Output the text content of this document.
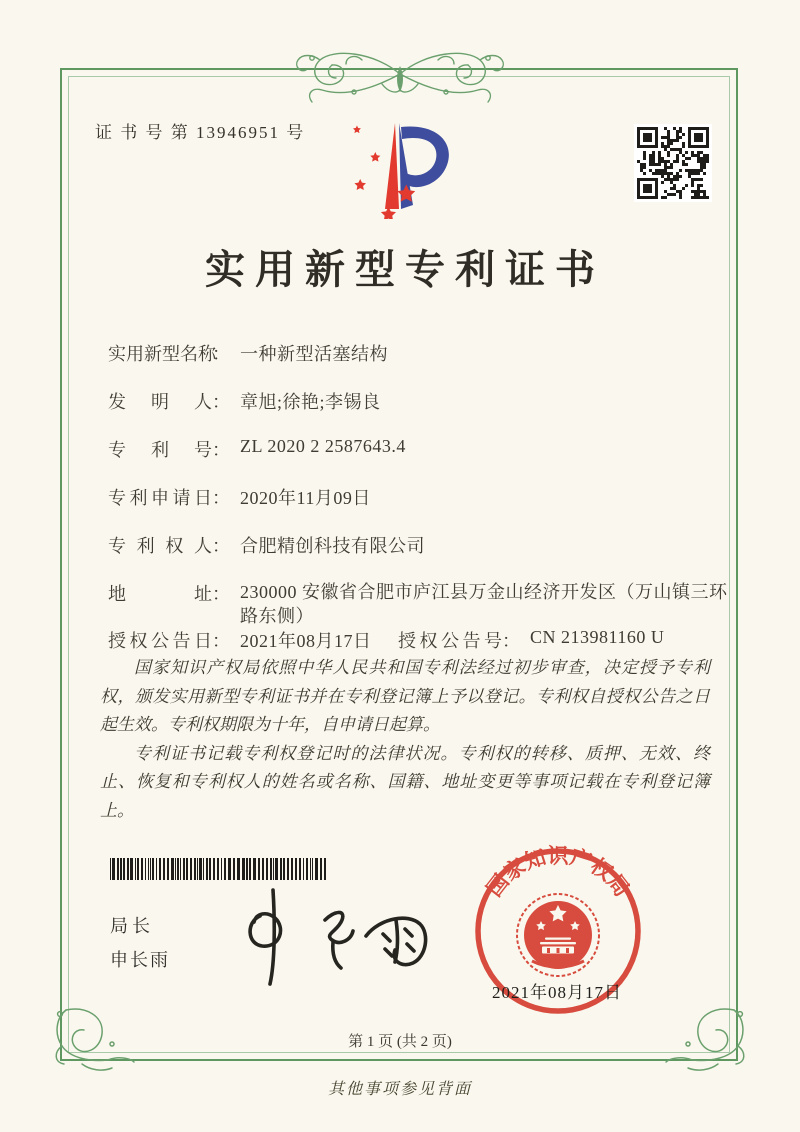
证 书 号 第 13946951 号
实用新型专利证书
实用新型名称： 一种新型活塞结构
发明人： 章旭;徐艳;李锡良
专利号： ZL 2020 2 2587643.4
专利申请日： 2020年11月09日
专利权人： 合肥精创科技有限公司
地址： 230000 安徽省合肥市庐江县万金山经济开发区（万山镇三环路东侧）
授权公告日： 2021年08月17日 授权公告号： CN 213981160 U

国家知识产权局依照中华人民共和国专利法经过初步审查，决定授予专利权，颁发实用新型专利证书并在专利登记簿上予以登记。专利权自授权公告之日起生效。专利权期限为十年，自申请日起算。

专利证书记载专利权登记时的法律状况。专利权的转移、质押、无效、终止、恢复和专利权人的姓名或名称、国籍、地址变更等事项记载在专利登记簿上。

局长
申长雨
国家知识产权局
2021年08月17日
第 1 页 (共 2 页)
其他事项参见背面
